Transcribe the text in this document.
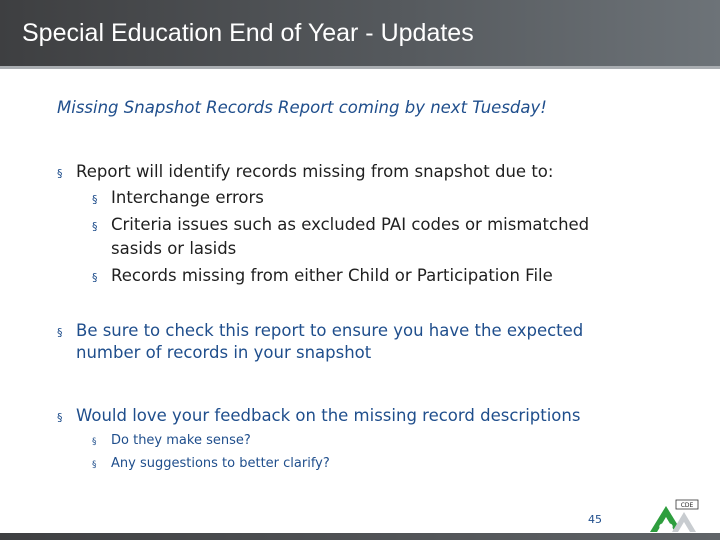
Special Education End of Year - Updates
Missing Snapshot Records Report coming by next Tuesday!
§ Report will identify records missing from snapshot due to:
§ Interchange errors
§ Criteria issues such as excluded PAI codes or mismatched
sasids or lasids
§ Records missing from either Child or Participation File
§ Be sure to check this report to ensure you have the expected
number of records in your snapshot
§ Would love your feedback on the missing record descriptions
§ Do they make sense?
§ Any suggestions to better clarify?
45
CDE
CO
